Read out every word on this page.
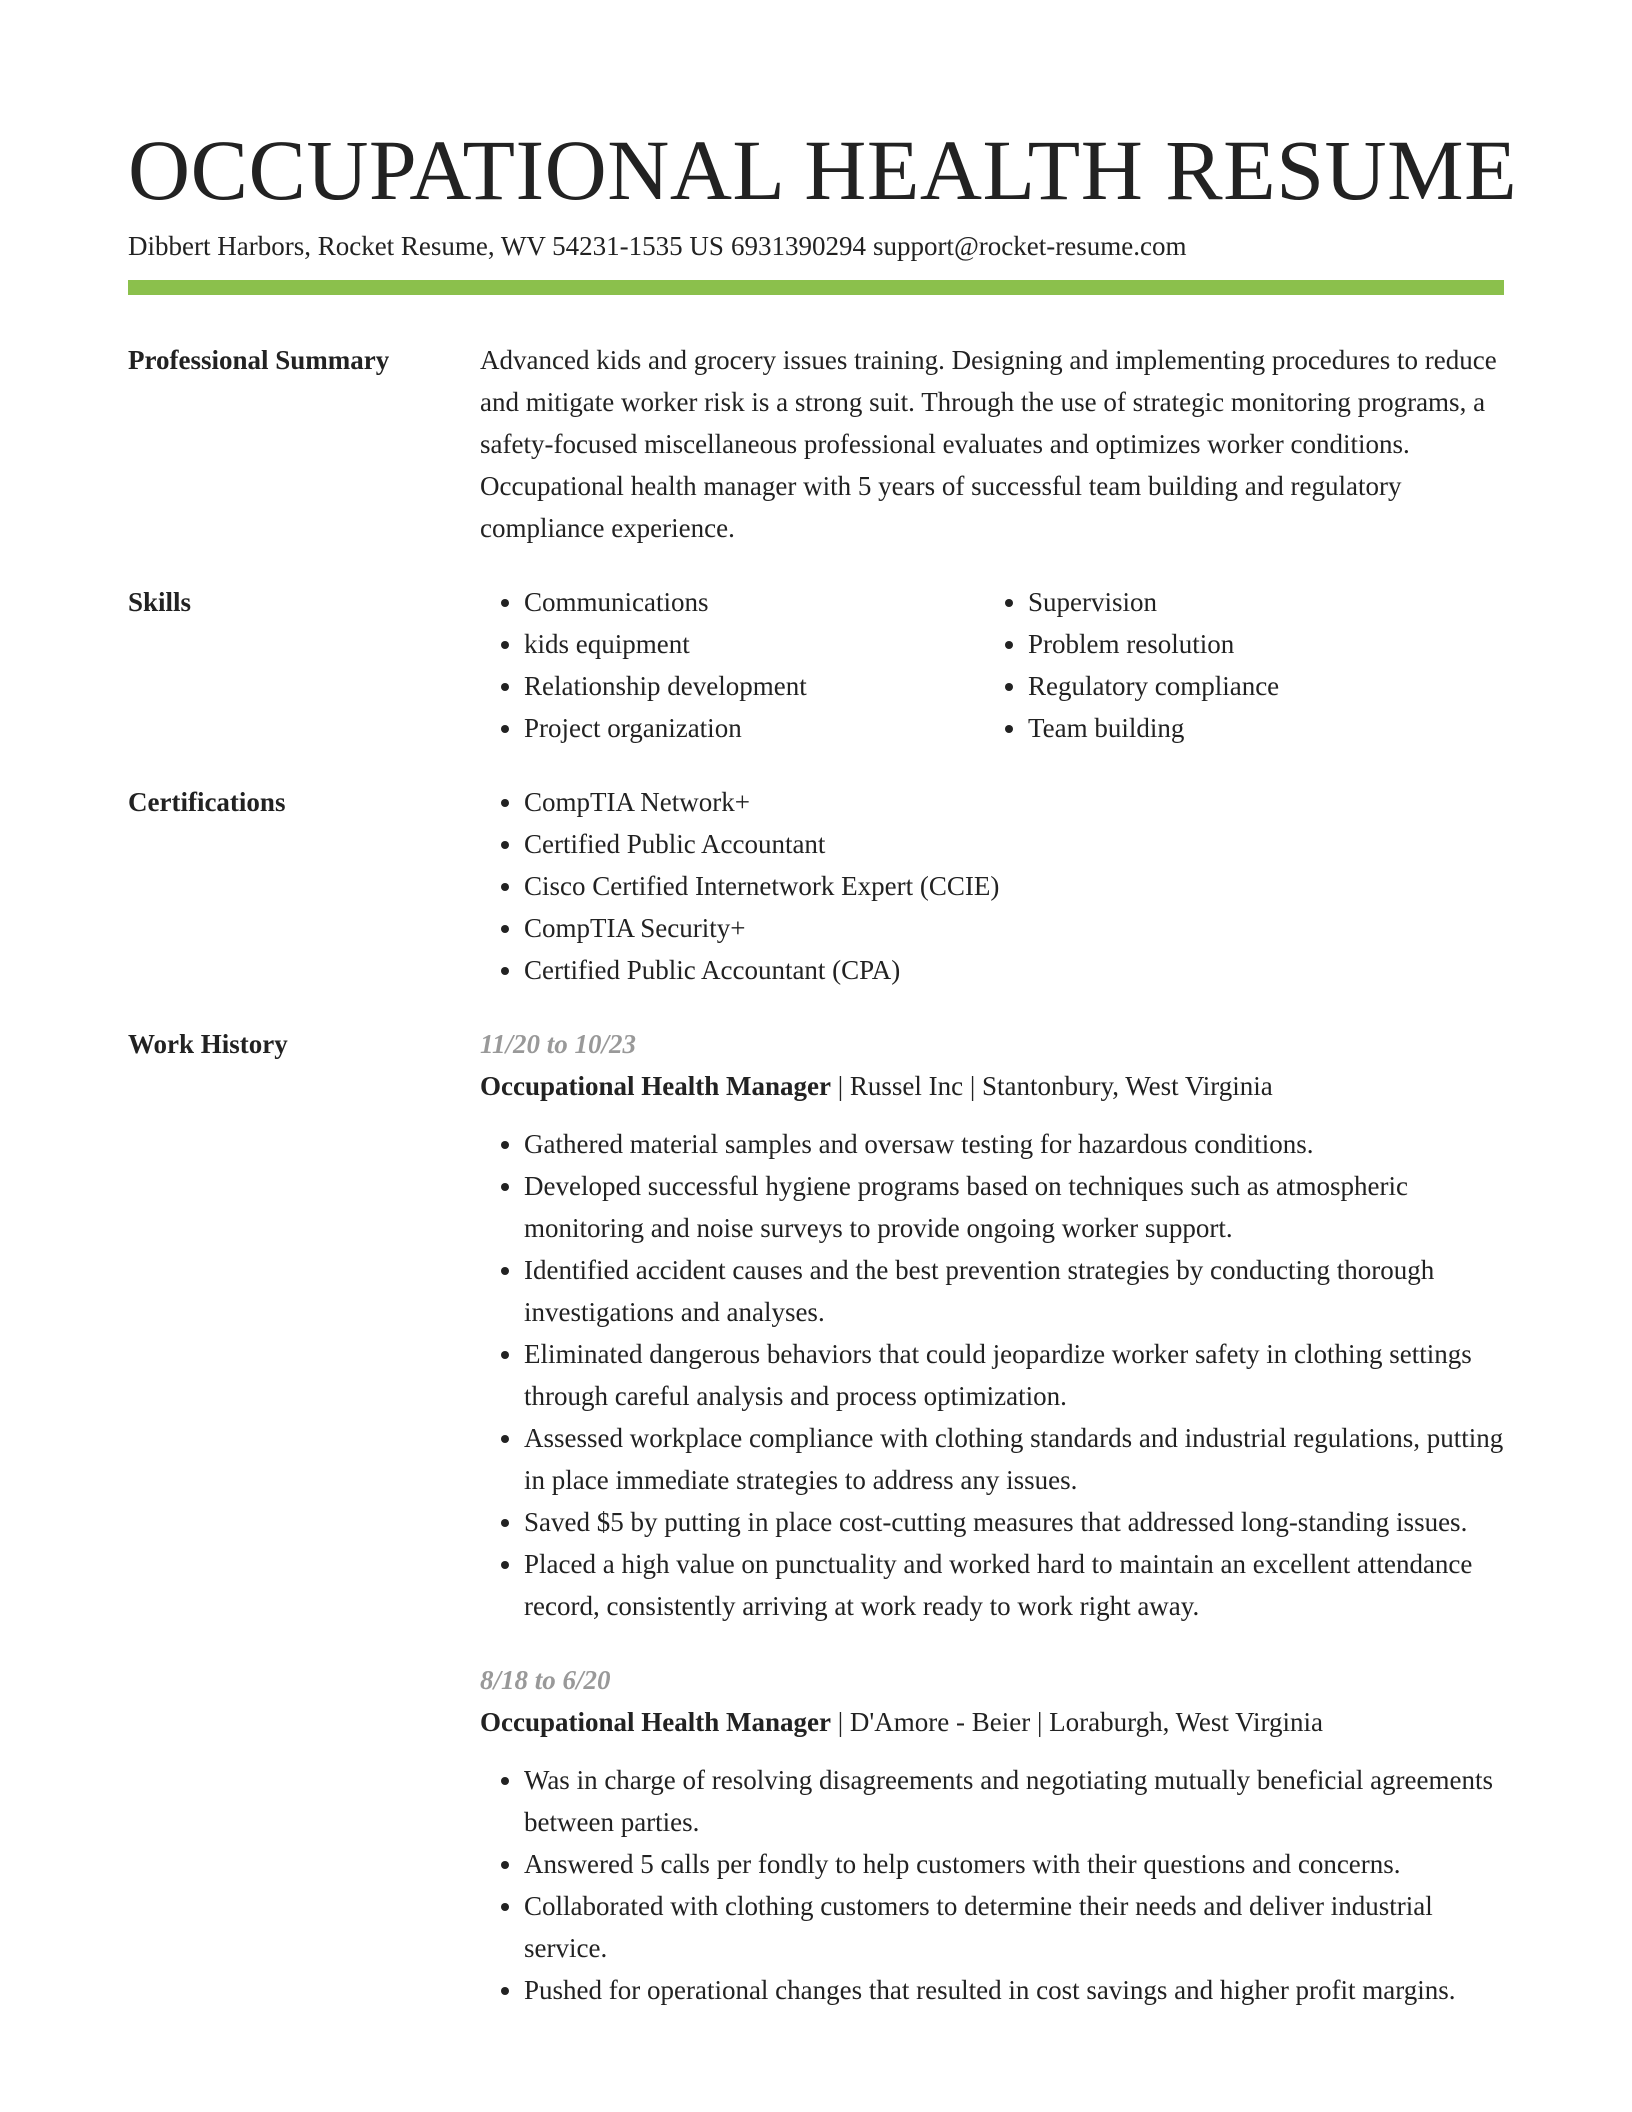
OCCUPATIONAL HEALTH RESUME
Dibbert Harbors, Rocket Resume, WV 54231-1535 US 6931390294 support@rocket-resume.com
Professional Summary	Advanced kids and grocery issues training. Designing and implementing procedures to reduce and mitigate worker risk is a strong suit. Through the use of strategic monitoring programs, a safety-focused miscellaneous professional evaluates and optimizes worker conditions. Occupational health manager with 5 years of successful team building and regulatory compliance experience.
Skills	• Communications
• kids equipment
• Relationship development
• Project organization
• Supervision
• Problem resolution
• Regulatory compliance
• Team building
Certifications	• CompTIA Network+
• Certified Public Accountant
• Cisco Certified Internetwork Expert (CCIE)
• CompTIA Security+
• Certified Public Accountant (CPA)
Work History	11/20 to 10/23
Occupational Health Manager | Russel Inc | Stantonbury, West Virginia
• Gathered material samples and oversaw testing for hazardous conditions.
• Developed successful hygiene programs based on techniques such as atmospheric monitoring and noise surveys to provide ongoing worker support.
• Identified accident causes and the best prevention strategies by conducting thorough investigations and analyses.
• Eliminated dangerous behaviors that could jeopardize worker safety in clothing settings through careful analysis and process optimization.
• Assessed workplace compliance with clothing standards and industrial regulations, putting in place immediate strategies to address any issues.
• Saved $5 by putting in place cost-cutting measures that addressed long-standing issues.
• Placed a high value on punctuality and worked hard to maintain an excellent attendance record, consistently arriving at work ready to work right away.
8/18 to 6/20
Occupational Health Manager | D'Amore - Beier | Loraburgh, West Virginia
• Was in charge of resolving disagreements and negotiating mutually beneficial agreements between parties.
• Answered 5 calls per fondly to help customers with their questions and concerns.
• Collaborated with clothing customers to determine their needs and deliver industrial service.
• Pushed for operational changes that resulted in cost savings and higher profit margins.
